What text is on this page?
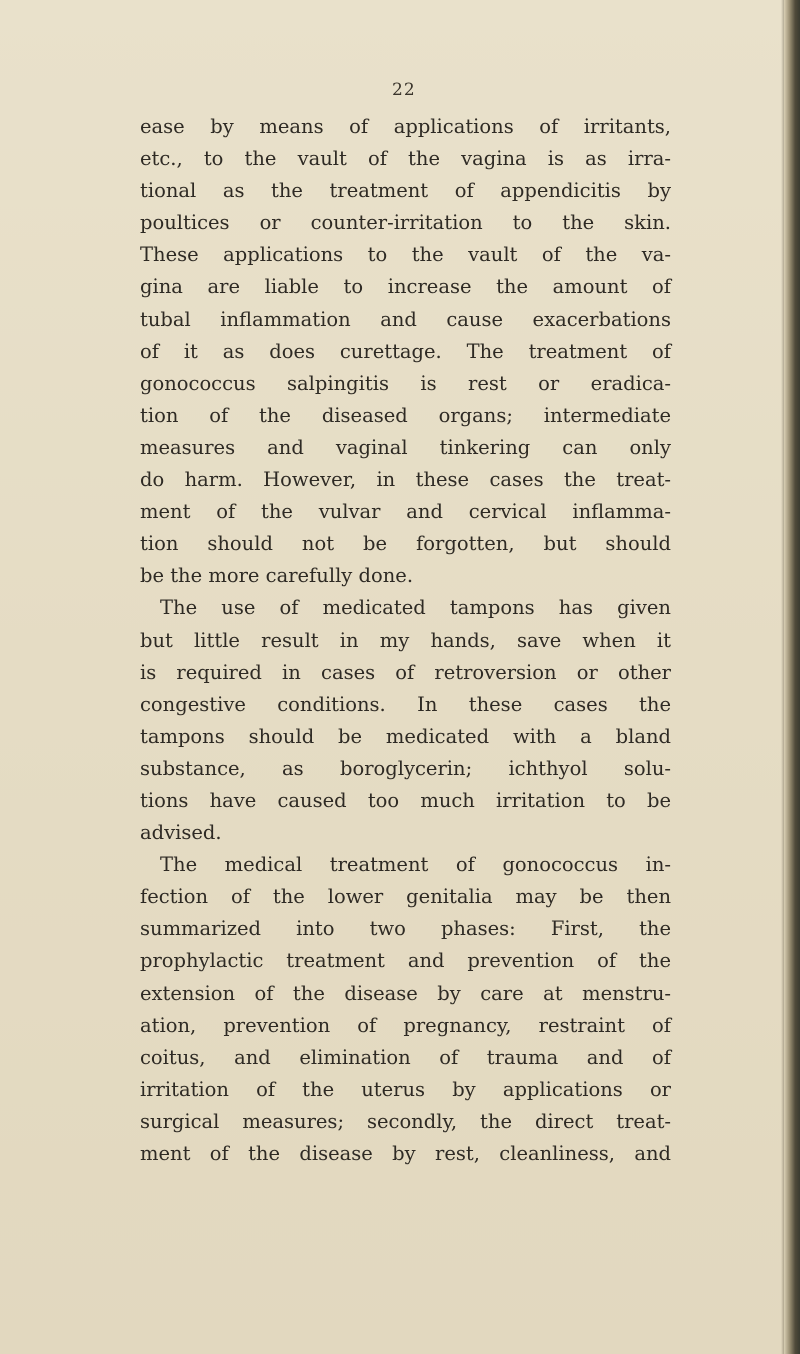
22
ease by means of applications of irritants,
etc., to the vault of the vagina is as irra-
tional as the treatment of appendicitis by
poultices or counter-irritation to the skin.
These applications to the vault of the va-
gina are liable to increase the amount of
tubal inflammation and cause exacerbations
of it as does curettage. The treatment of
gonococcus salpingitis is rest or eradica-
tion of the diseased organs; intermediate
measures and vaginal tinkering can only
do harm. However, in these cases the treat-
ment of the vulvar and cervical inflamma-
tion should not be forgotten, but should
be the more carefully done.
The use of medicated tampons has given
but little result in my hands, save when it
is required in cases of retroversion or other
congestive conditions. In these cases the
tampons should be medicated with a bland
substance, as boroglycerin; ichthyol solu-
tions have caused too much irritation to be
advised.
The medical treatment of gonococcus in-
fection of the lower genitalia may be then
summarized into two phases: First, the
prophylactic treatment and prevention of the
extension of the disease by care at menstru-
ation, prevention of pregnancy, restraint of
coitus, and elimination of trauma and of
irritation of the uterus by applications or
surgical measures; secondly, the direct treat-
ment of the disease by rest, cleanliness, and
